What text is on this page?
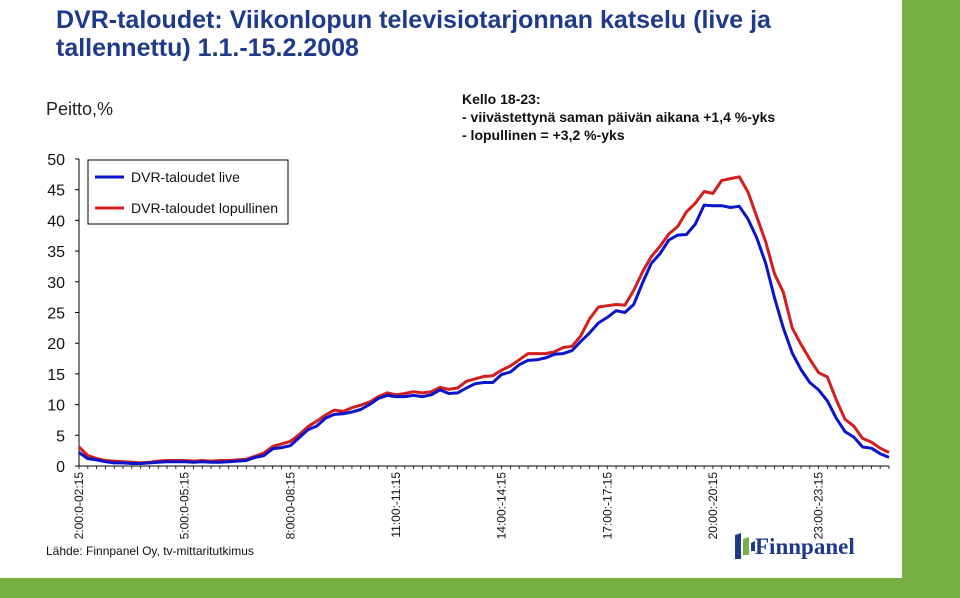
DVR-taloudet: Viikonlopun televisiotarjonnan katselu (live ja tallennettu) 1.1.-15.2.2008
Peitto,%	Kello 18-23:
- viivästettynä saman päivän aikana +1,4 %-yks
- lopullinen = +3,2 %-yks
0
5
10
15
20
25
30
35
40
45
50
2:00:0-02:15	5:00:0-05:15	8:00:0-08:15	11:00:-11:15	14:00:-14:15	17:00:-17:15	20:00:-20:15	23:00:-23:15
DVR-taloudet live
DVR-taloudet lopullinen
Lähde: Finnpanel Oy, tv-mittaritutkimus	Finnpanel
